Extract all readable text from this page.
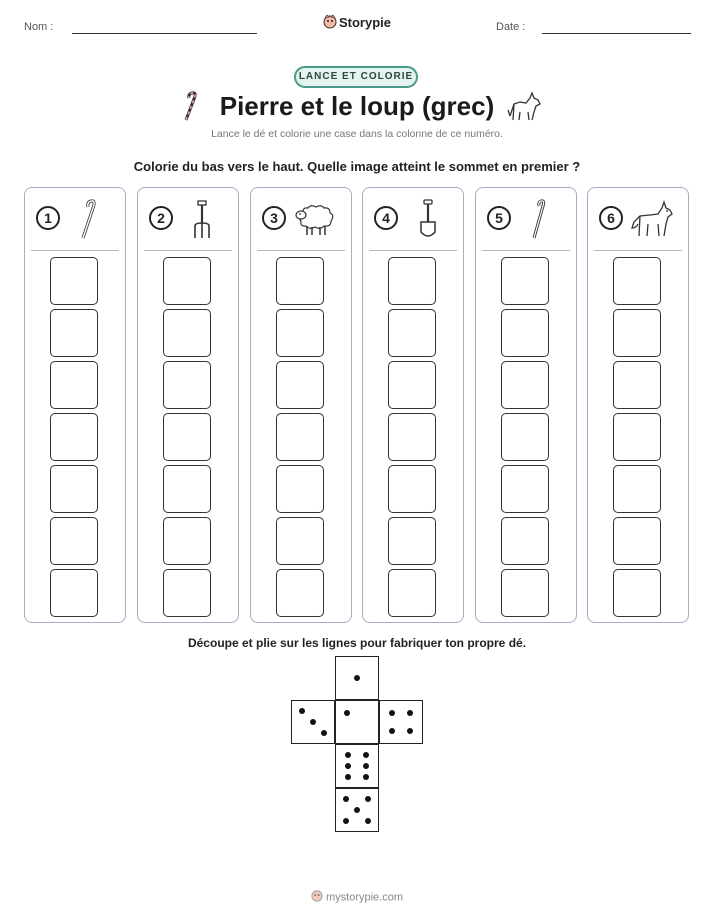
Nom :	Storypie	Date :
LANCE ET COLORIE
Pierre et le loup (grec)
Lance le dé et colorie une case dans la colonne de ce numéro.
Colorie du bas vers le haut. Quelle image atteint le sommet en premier ?
1	2	3	4	5	6
Découpe et plie sur les lignes pour fabriquer ton propre dé.
mystorypie.com
